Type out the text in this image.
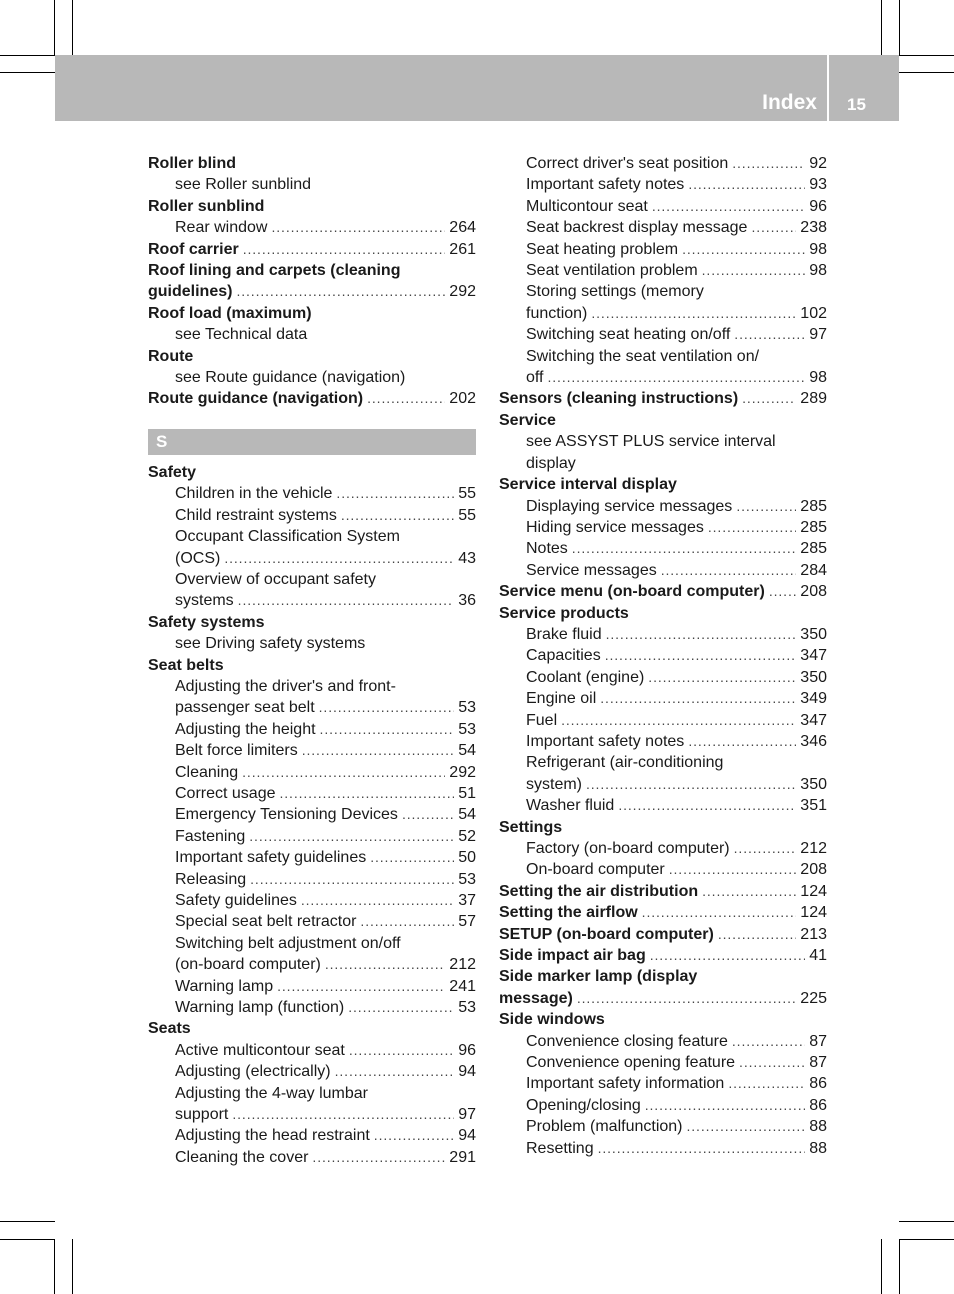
Index 15
Roller blind
see Roller sunblind
Roller sunblind
Rear window . . .	264
Roof carrier . . .	261
Roof lining and carpets (cleaning
guidelines) . . .	292
Roof load (maximum)
see Technical data
Route
see Route guidance (navigation)
Route guidance (navigation) . . .	202
S
Safety
Children in the vehicle . . .	55
Child restraint systems . . .	55
Occupant Classification System
(OCS) . . .	43
Overview of occupant safety
systems . . .	36
Safety systems
see Driving safety systems
Seat belts
Adjusting the driver's and front-
passenger seat belt . . .	53
Adjusting the height . . .	53
Belt force limiters . . .	54
Cleaning . . .	292
Correct usage . . .	51
Emergency Tensioning Devices . . .	54
Fastening . . .	52
Important safety guidelines . . .	50
Releasing . . .	53
Safety guidelines . . .	37
Special seat belt retractor . . .	57
Switching belt adjustment on/off
(on-board computer) . . .	212
Warning lamp . . .	241
Warning lamp (function) . . .	53
Seats
Active multicontour seat . . .	96
Adjusting (electrically) . . .	94
Adjusting the 4-way lumbar
support . . .	97
Adjusting the head restraint . . .	94
Cleaning the cover . . .	291
Correct driver's seat position . . .	92
Important safety notes . . .	93
Multicontour seat . . .	96
Seat backrest display message . . .	238
Seat heating problem . . .	98
Seat ventilation problem . . .	98
Storing settings (memory
function) . . .	102
Switching seat heating on/off . . .	97
Switching the seat ventilation on/
off . . .	98
Sensors (cleaning instructions) . . .	289
Service
see ASSYST PLUS service interval
display
Service interval display
Displaying service messages . . .	285
Hiding service messages . . .	285
Notes . . .	285
Service messages . . .	284
Service menu (on-board computer) . . . 208
Service products
Brake fluid . . .	350
Capacities . . .	347
Coolant (engine) . . .	350
Engine oil . . .	349
Fuel . . .	347
Important safety notes . . .	346
Refrigerant (air-conditioning
system) . . .	350
Washer fluid . . .	351
Settings
Factory (on-board computer) . . .	212
On-board computer . . .	208
Setting the air distribution . . .	124
Setting the airflow . . .	124
SETUP (on-board computer) . . .	213
Side impact air bag . . .	41
Side marker lamp (display
message) . . .	225
Side windows
Convenience closing feature . . .	87
Convenience opening feature . . .	87
Important safety information . . .	86
Opening/closing . . .	86
Problem (malfunction) . . .	88
Resetting . . .	88
